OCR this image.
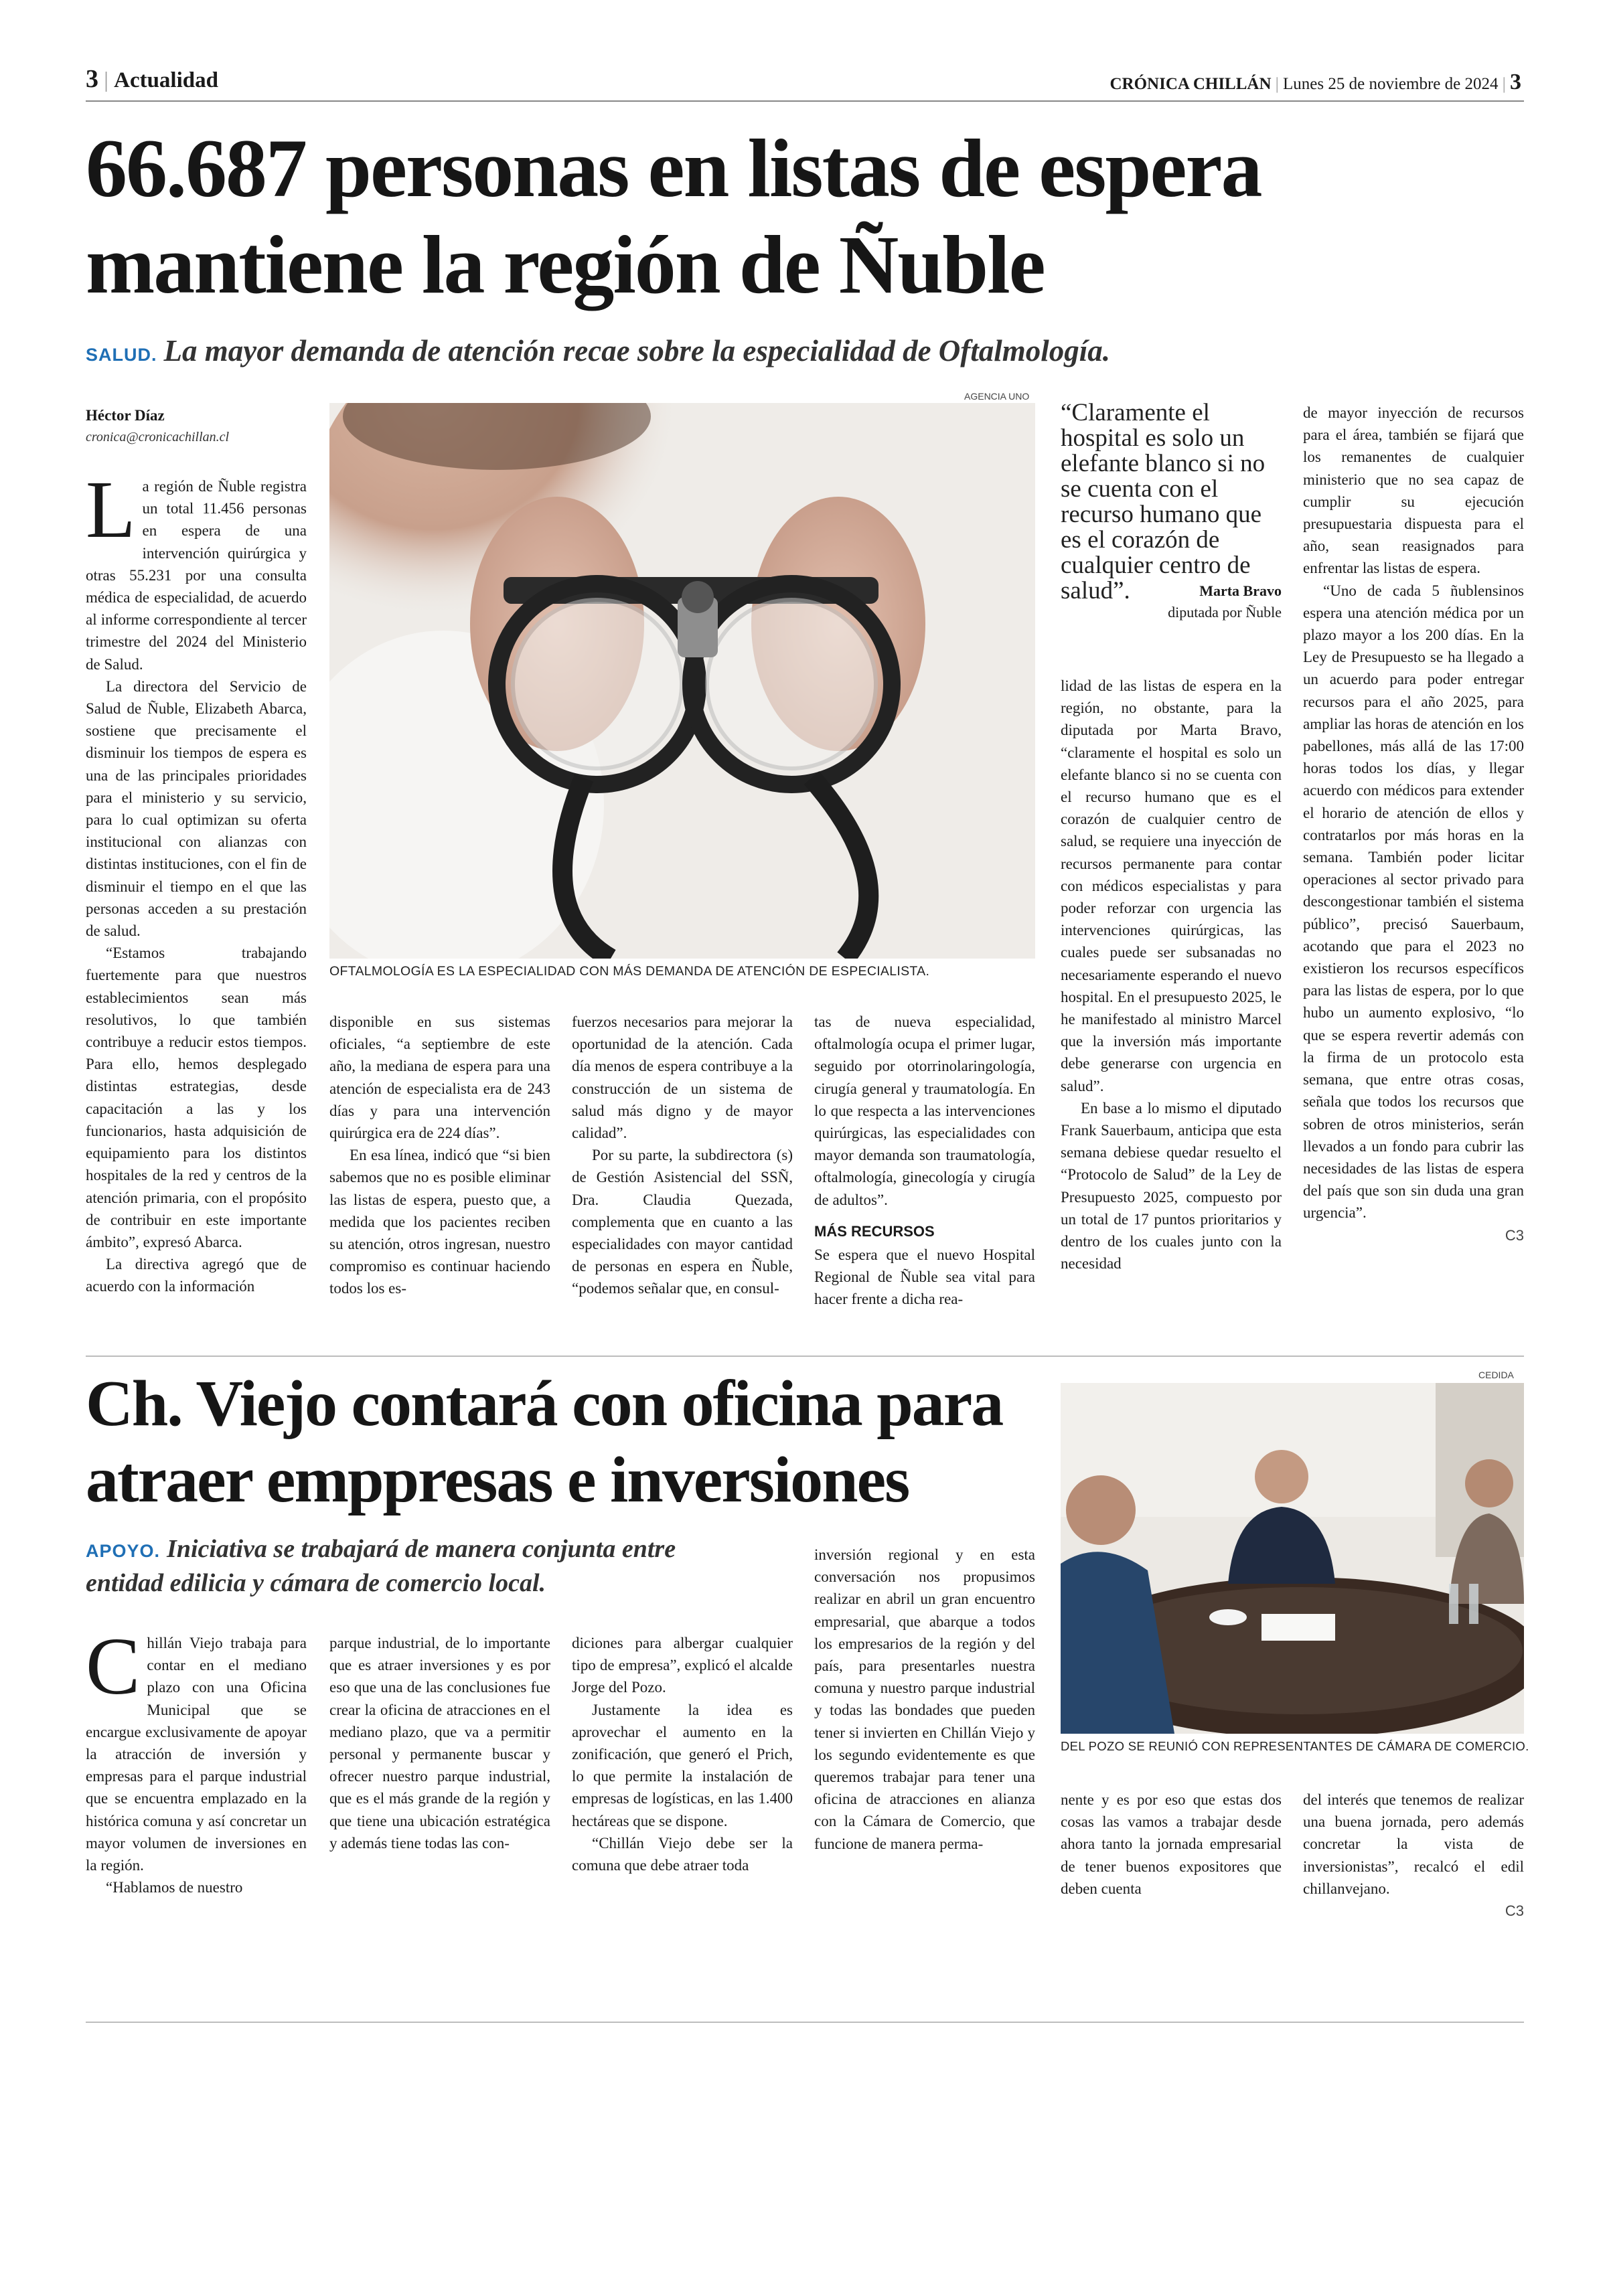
3 | Actualidad	CRÓNICA CHILLÁN | Lunes 25 de noviembre de 2024 | 3
66.687 personas en listas de espera
mantiene la región de Ñuble
SALUD. La mayor demanda de atención recae sobre la especialidad de Oftalmología.
Héctor Díaz
cronica@cronicachillan.cl
AGENCIA UNO
OFTALMOLOGÍA ES LA ESPECIALIDAD CON MÁS DEMANDA DE ATENCIÓN DE ESPECIALISTA.
“Claramente el hospital es solo un elefante blanco si no se cuenta con el recurso humano que es el corazón de cualquier centro de salud”.	Marta Bravo
diputada por Ñuble

La región de Ñuble registra un total 11.456 personas en espera de una intervención quirúrgica y otras 55.231 por una consulta médica de especialidad, de acuerdo al informe correspondiente al tercer trimestre del 2024 del Ministerio de Salud.

La directora del Servicio de Salud de Ñuble, Elizabeth Abarca, sostiene que precisamente el disminuir los tiempos de espera es una de las principales prioridades para el ministerio y su servicio, para lo cual optimizan su oferta institucional con alianzas con distintas instituciones, con el fin de disminuir el tiempo en el que las personas acceden a su prestación de salud.

“Estamos trabajando fuertemente para que nuestros establecimientos sean más resolutivos, lo que también contribuye a reducir estos tiempos. Para ello, hemos desplegado distintas estrategias, desde capacitación a las y los funcionarios, hasta adquisición de equipamiento para los distintos hospitales de la red y centros de la atención primaria, con el propósito de contribuir en este importante ámbito”, expresó Abarca.

La directiva agregó que de acuerdo con la información

disponible en sus sistemas oficiales, “a septiembre de este año, la mediana de espera para una atención de especialista era de 243 días y para una intervención quirúrgica era de 224 días”.

En esa línea, indicó que “si bien sabemos que no es posible eliminar las listas de espera, puesto que, a medida que los pacientes reciben su atención, otros ingresan, nuestro compromiso es continuar haciendo todos los es-

fuerzos necesarios para mejorar la oportunidad de la atención. Cada día menos de espera contribuye a la construcción de un sistema de salud más digno y de mayor calidad”.

Por su parte, la subdirectora (s) de Gestión Asistencial del SSÑ, Dra. Claudia Quezada, complementa que en cuanto a las especialidades con mayor cantidad de personas en espera en Ñuble, “podemos señalar que, en consul-

tas de nueva especialidad, oftalmología ocupa el primer lugar, seguido por otorrinolaringología, cirugía general y traumatología. En lo que respecta a las intervenciones quirúrgicas, las especialidades con mayor demanda son traumatología, oftalmología, ginecología y cirugía de adultos”.

MÁS RECURSOS

Se espera que el nuevo Hospital Regional de Ñuble sea vital para hacer frente a dicha rea-

lidad de las listas de espera en la región, no obstante, para la diputada por Marta Bravo, “claramente el hospital es solo un elefante blanco si no se cuenta con el recurso humano que es el corazón de cualquier centro de salud, se requiere una inyección de recursos permanente para contar con médicos especialistas y para poder reforzar con urgencia las intervenciones quirúrgicas, las cuales puede ser subsanadas no necesariamente esperando el nuevo hospital. En el presupuesto 2025, le he manifestado al ministro Marcel que la inversión más importante debe generarse con urgencia en salud”.

En base a lo mismo el diputado Frank Sauerbaum, anticipa que esta semana debiese quedar resuelto el “Protocolo de Salud” de la Ley de Presupuesto 2025, compuesto por un total de 17 puntos prioritarios y dentro de los cuales junto con la necesidad

de mayor inyección de recursos para el área, también se fijará que los remanentes de cualquier ministerio que no sea capaz de cumplir su ejecución presupuestaria dispuesta para el año, sean reasignados para enfrentar las listas de espera.

“Uno de cada 5 ñublensinos espera una atención médica por un plazo mayor a los 200 días. En la Ley de Presupuesto se ha llegado a un acuerdo para poder entregar recursos para el año 2025, para ampliar las horas de atención en los pabellones, más allá de las 17:00 horas todos los días, y llegar acuerdo con médicos para extender el horario de atención de ellos y contratarlos por más horas en la semana. También poder licitar operaciones al sector privado para descongestionar también el sistema público”, precisó Sauerbaum, acotando que para el 2023 no existieron los recursos específicos para las listas de espera, por lo que hubo un aumento explosivo, “lo que se espera revertir además con la firma de un protocolo esta semana, que entre otras cosas, señala que todos los recursos que sobren de otros ministerios, serán llevados a un fondo para cubrir las necesidades de las listas de espera del país que son sin duda una gran urgencia”.

C3
Ch. Viejo contará con oficina para
atraer emppresas e inversiones
APOYO. Iniciativa se trabajará de manera conjunta entre
entidad edilicia y cámara de comercio local.
CEDIDA
DEL POZO SE REUNIÓ CON REPRESENTANTES DE CÁMARA DE COMERCIO.

Chillán Viejo trabaja para contar en el mediano plazo con una Oficina Municipal que se encargue exclusivamente de apoyar la atracción de inversión y empresas para el parque industrial que se encuentra emplazado en la histórica comuna y así concretar un mayor volumen de inversiones en la región.

“Hablamos de nuestro

parque industrial, de lo importante que es atraer inversiones y es por eso que una de las conclusiones fue crear la oficina de atracciones en el mediano plazo, que va a permitir personal y permanente buscar y ofrecer nuestro parque industrial, que es el más grande de la región y que tiene una ubicación estratégica y además tiene todas las con-

diciones para albergar cualquier tipo de empresa”, explicó el alcalde Jorge del Pozo.

Justamente la idea es aprovechar el aumento en la zonificación, que generó el Prich, lo que permite la instalación de empresas de logísticas, en las 1.400 hectáreas que se dispone.

“Chillán Viejo debe ser la comuna que debe atraer toda

inversión regional y en esta conversación nos propusimos realizar en abril un gran encuentro empresarial, que abarque a todos los empresarios de la región y del país, para presentarles nuestra comuna y nuestro parque industrial y todas las bondades que pueden tener si invierten en Chillán Viejo y los segundo evidentemente es que queremos trabajar para tener una oficina de atracciones en alianza con la Cámara de Comercio, que funcione de manera perma-

nente y es por eso que estas dos cosas las vamos a trabajar desde ahora tanto la jornada empresarial de tener buenos expositores que deben cuenta

del interés que tenemos de realizar una buena jornada, pero además concretar la vista de inversionistas”, recalcó el edil chillanvejano.

C3
